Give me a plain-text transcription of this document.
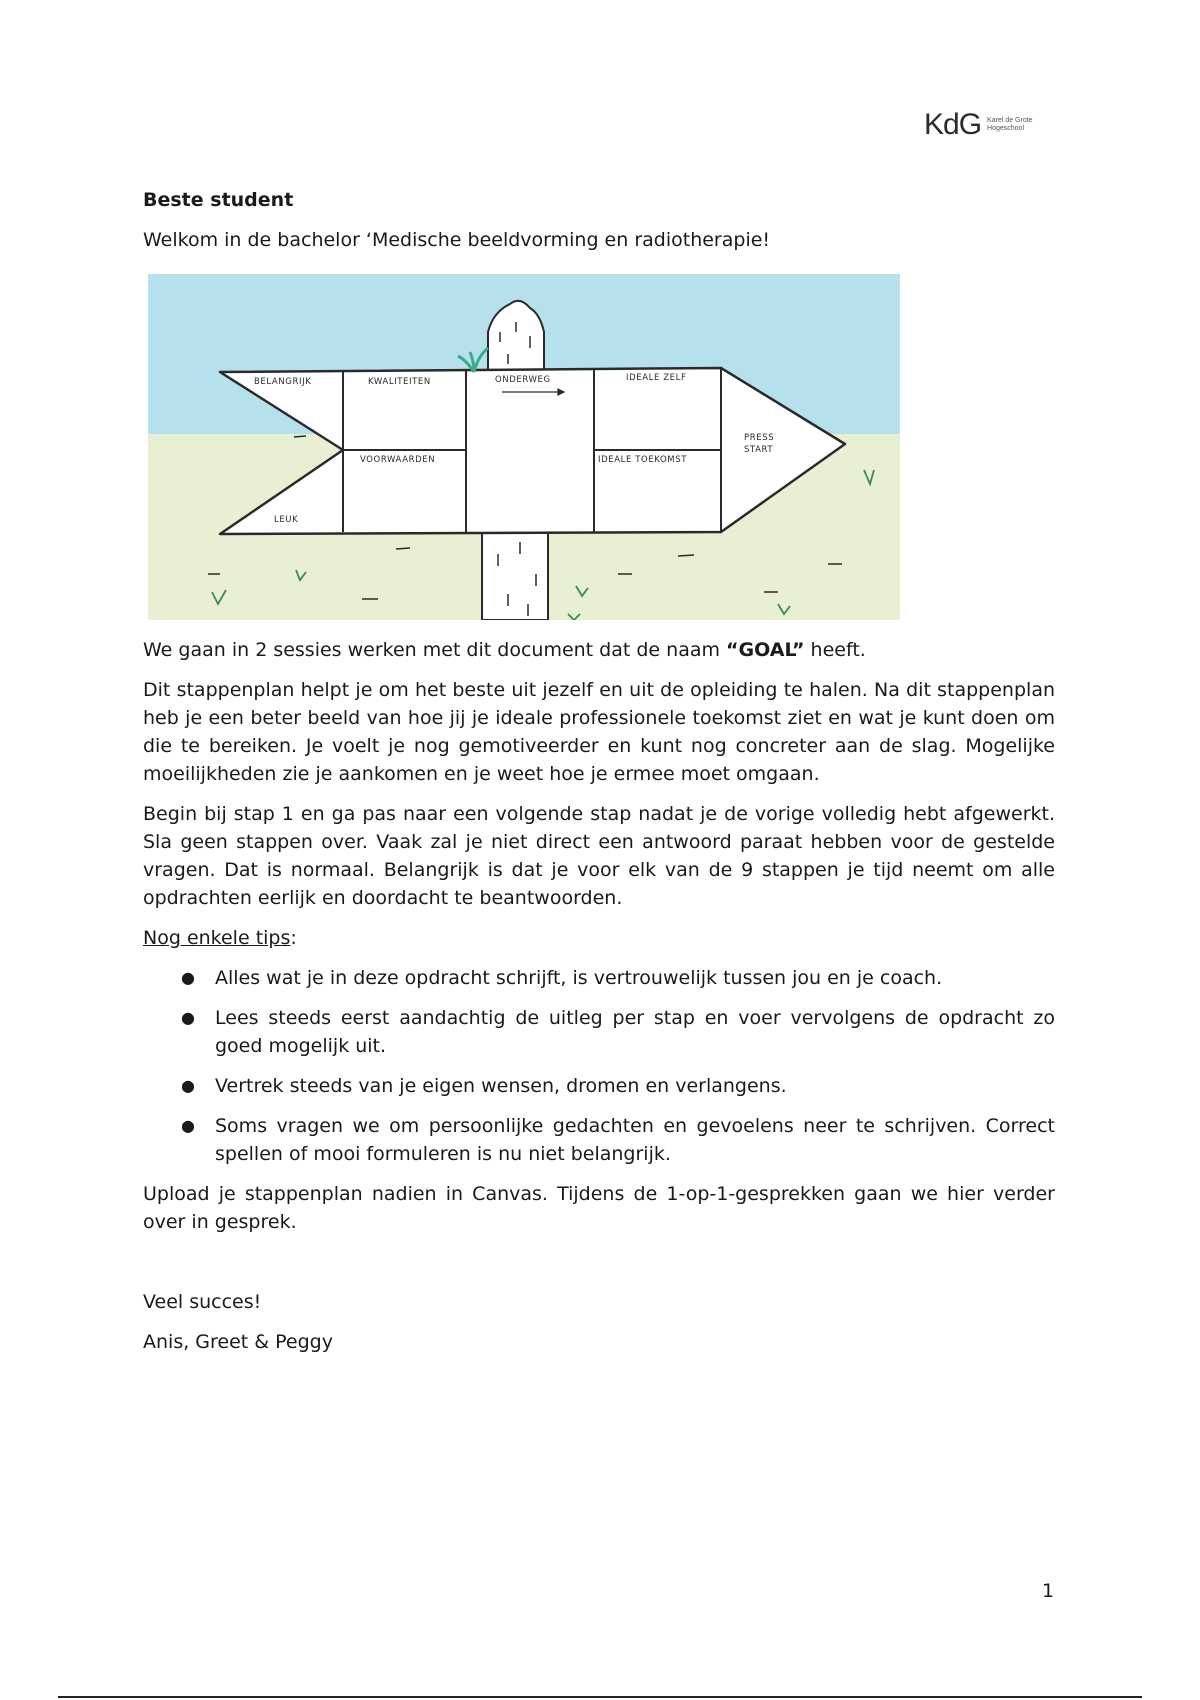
KdG Karel de Grote Hogeschool

Beste student

Welkom in de bachelor ‘Medische beeldvorming en radiotherapie!

BELANGRIJK	KWALITEITEN	ONDERWEG	IDEALE ZELF
PRESS
START
VOORWAARDEN	IDEALE TOEKOMST
LEUK

We gaan in 2 sessies werken met dit document dat de naam “GOAL” heeft.

Dit stappenplan helpt je om het beste uit jezelf en uit de opleiding te halen. Na dit stappenplan heb je een beter beeld van hoe jij je ideale professionele toekomst ziet en wat je kunt doen om die te bereiken. Je voelt je nog gemotiveerder en kunt nog concreter aan de slag. Mogelijke moeilijkheden zie je aankomen en je weet hoe je ermee moet omgaan.

Begin bij stap 1 en ga pas naar een volgende stap nadat je de vorige volledig hebt afgewerkt. Sla geen stappen over. Vaak zal je niet direct een antwoord paraat hebben voor de gestelde vragen. Dat is normaal. Belangrijk is dat je voor elk van de 9 stappen je tijd neemt om alle opdrachten eerlijk en doordacht te beantwoorden.

Nog enkele tips:

● Alles wat je in deze opdracht schrijft, is vertrouwelijk tussen jou en je coach.
● Lees steeds eerst aandachtig de uitleg per stap en voer vervolgens de opdracht zo goed mogelijk uit.
● Vertrek steeds van je eigen wensen, dromen en verlangens.
● Soms vragen we om persoonlijke gedachten en gevoelens neer te schrijven. Correct spellen of mooi formuleren is nu niet belangrijk.

Upload je stappenplan nadien in Canvas. Tijdens de 1-op-1-gesprekken gaan we hier verder over in gesprek.

Veel succes!

Anis, Greet & Peggy

1
